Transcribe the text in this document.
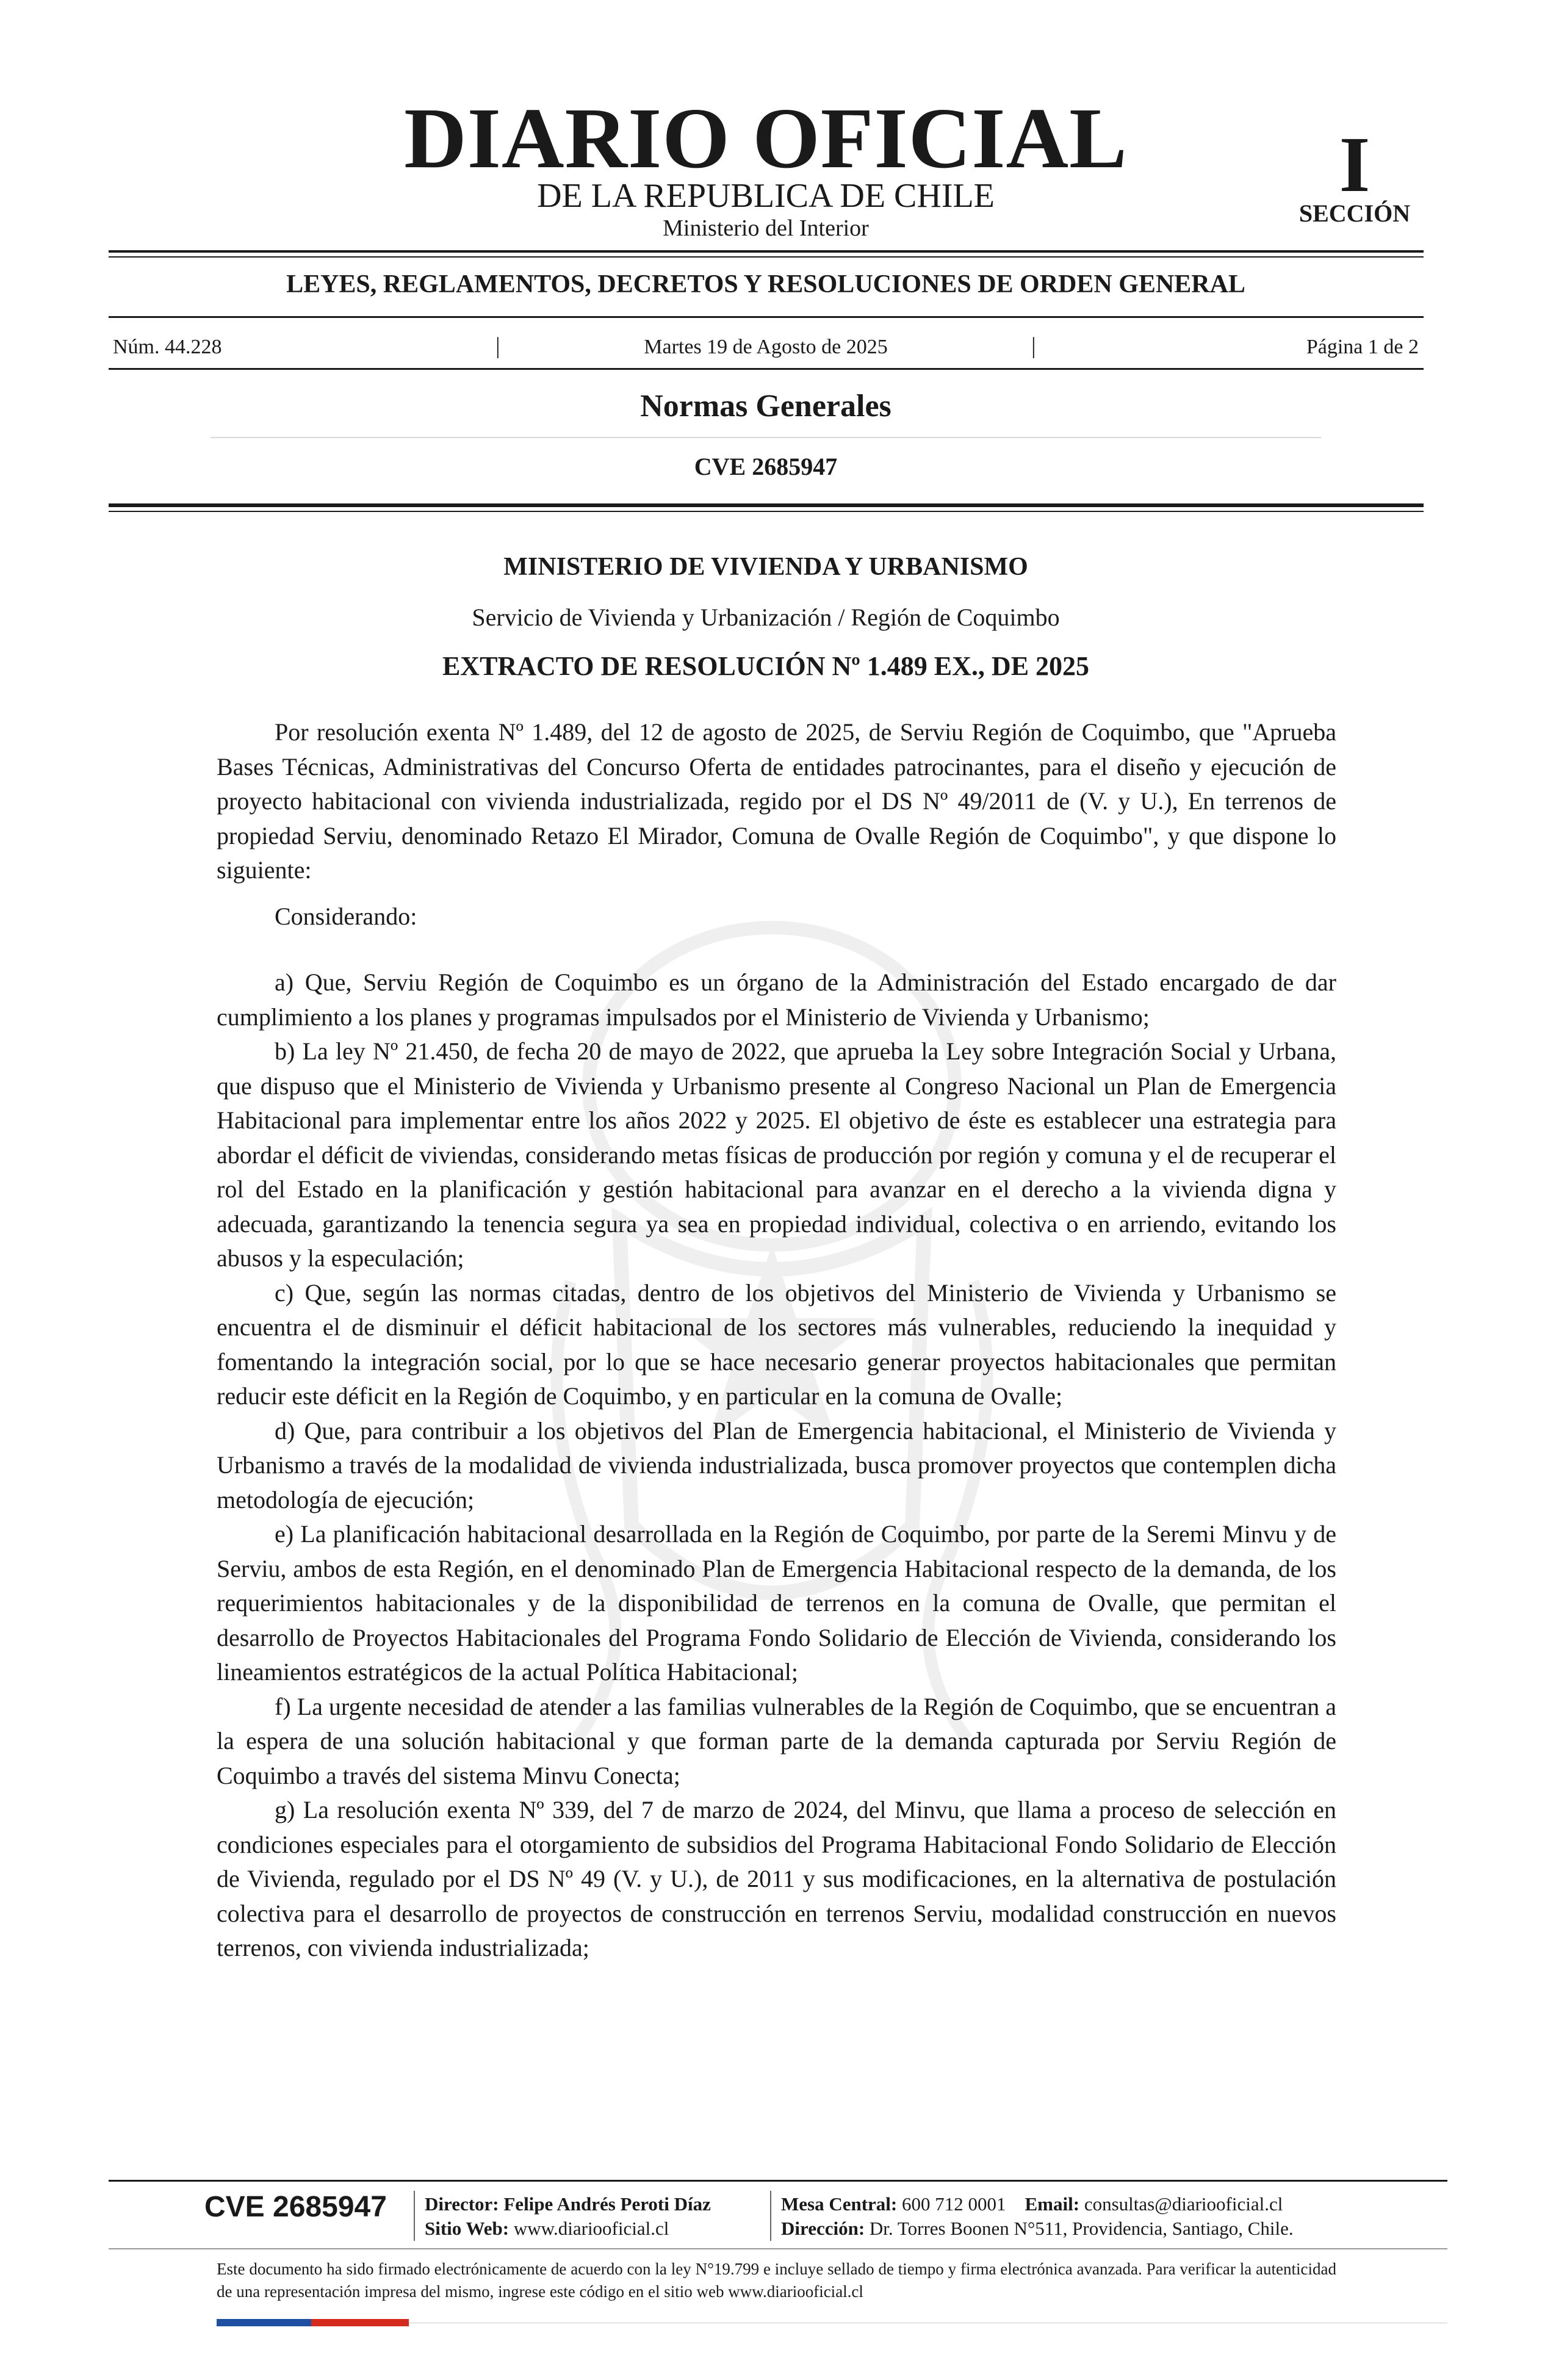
DIARIO OFICIAL
DE LA REPUBLICA DE CHILE
Ministerio del Interior
I
SECCIÓN
LEYES, REGLAMENTOS, DECRETOS Y RESOLUCIONES DE ORDEN GENERAL
Núm. 44.228	|	Martes 19 de Agosto de 2025	|	Página 1 de 2
Normas Generales
CVE 2685947
MINISTERIO DE VIVIENDA Y URBANISMO
Servicio de Vivienda y Urbanización / Región de Coquimbo
EXTRACTO DE RESOLUCIÓN Nº 1.489 EX., DE 2025

Por resolución exenta Nº 1.489, del 12 de agosto de 2025, de Serviu Región de Coquimbo, que "Aprueba Bases Técnicas, Administrativas del Concurso Oferta de entidades patrocinantes, para el diseño y ejecución de proyecto habitacional con vivienda industrializada, regido por el DS Nº 49/2011 de (V. y U.), En terrenos de propiedad Serviu, denominado Retazo El Mirador, Comuna de Ovalle Región de Coquimbo", y que dispone lo siguiente:

Considerando:

a) Que, Serviu Región de Coquimbo es un órgano de la Administración del Estado encargado de dar cumplimiento a los planes y programas impulsados por el Ministerio de Vivienda y Urbanismo;

b) La ley Nº 21.450, de fecha 20 de mayo de 2022, que aprueba la Ley sobre Integración Social y Urbana, que dispuso que el Ministerio de Vivienda y Urbanismo presente al Congreso Nacional un Plan de Emergencia Habitacional para implementar entre los años 2022 y 2025. El objetivo de éste es establecer una estrategia para abordar el déficit de viviendas, considerando metas físicas de producción por región y comuna y el de recuperar el rol del Estado en la planificación y gestión habitacional para avanzar en el derecho a la vivienda digna y adecuada, garantizando la tenencia segura ya sea en propiedad individual, colectiva o en arriendo, evitando los abusos y la especulación;

c) Que, según las normas citadas, dentro de los objetivos del Ministerio de Vivienda y Urbanismo se encuentra el de disminuir el déficit habitacional de los sectores más vulnerables, reduciendo la inequidad y fomentando la integración social, por lo que se hace necesario generar proyectos habitacionales que permitan reducir este déficit en la Región de Coquimbo, y en particular en la comuna de Ovalle;

d) Que, para contribuir a los objetivos del Plan de Emergencia habitacional, el Ministerio de Vivienda y Urbanismo a través de la modalidad de vivienda industrializada, busca promover proyectos que contemplen dicha metodología de ejecución;

e) La planificación habitacional desarrollada en la Región de Coquimbo, por parte de la Seremi Minvu y de Serviu, ambos de esta Región, en el denominado Plan de Emergencia Habitacional respecto de la demanda, de los requerimientos habitacionales y de la disponibilidad de terrenos en la comuna de Ovalle, que permitan el desarrollo de Proyectos Habitacionales del Programa Fondo Solidario de Elección de Vivienda, considerando los lineamientos estratégicos de la actual Política Habitacional;

f) La urgente necesidad de atender a las familias vulnerables de la Región de Coquimbo, que se encuentran a la espera de una solución habitacional y que forman parte de la demanda capturada por Serviu Región de Coquimbo a través del sistema Minvu Conecta;

g) La resolución exenta Nº 339, del 7 de marzo de 2024, del Minvu, que llama a proceso de selección en condiciones especiales para el otorgamiento de subsidios del Programa Habitacional Fondo Solidario de Elección de Vivienda, regulado por el DS Nº 49 (V. y U.), de 2011 y sus modificaciones, en la alternativa de postulación colectiva para el desarrollo de proyectos de construcción en terrenos Serviu, modalidad construcción en nuevos terrenos, con vivienda industrializada;

CVE 2685947 Director: Felipe Andrés Peroti Díaz
Sitio Web: www.diariooficial.cl
Mesa Central: 600 712 0001 Email: consultas@diariooficial.cl
Dirección: Dr. Torres Boonen N°511, Providencia, Santiago, Chile.
Este documento ha sido firmado electrónicamente de acuerdo con la ley N°19.799 e incluye sellado de tiempo y firma electrónica avanzada. Para verificar la autenticidad de una representación impresa del mismo, ingrese este código en el sitio web www.diariooficial.cl
